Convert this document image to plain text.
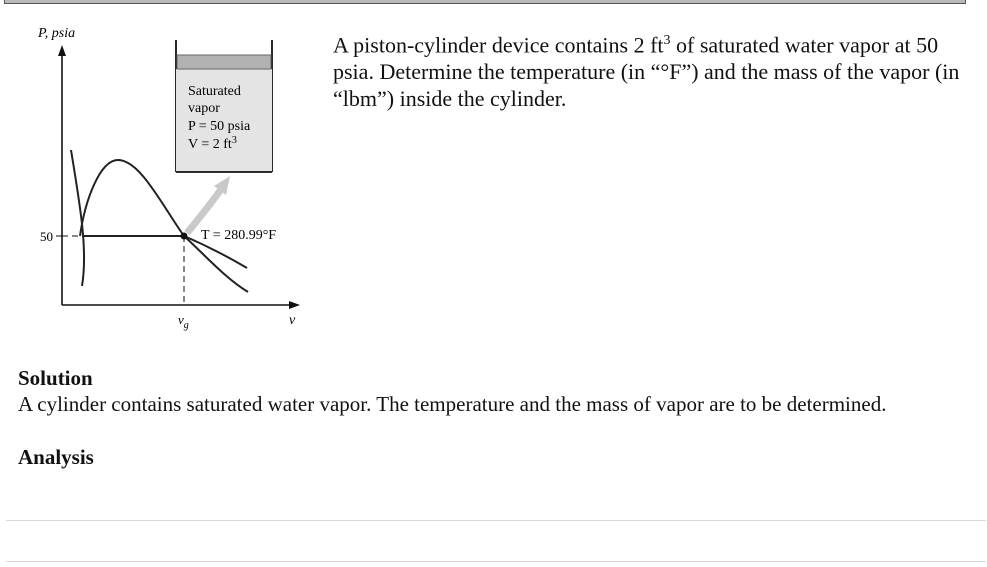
P, psia
v
50
$v_g$
T = 280.99°F
Saturated
vapor
P = 50 psia
V = 2 $ft^3$
A piston-cylinder device contains 2 $ft^3$ of saturated water vapor at 50 psia. Determine the temperature (in “°F”) and the mass of the vapor (in “lbm”) inside the cylinder.
Solution
A cylinder contains saturated water vapor. The temperature and the mass of vapor are to be determined.
Analysis
